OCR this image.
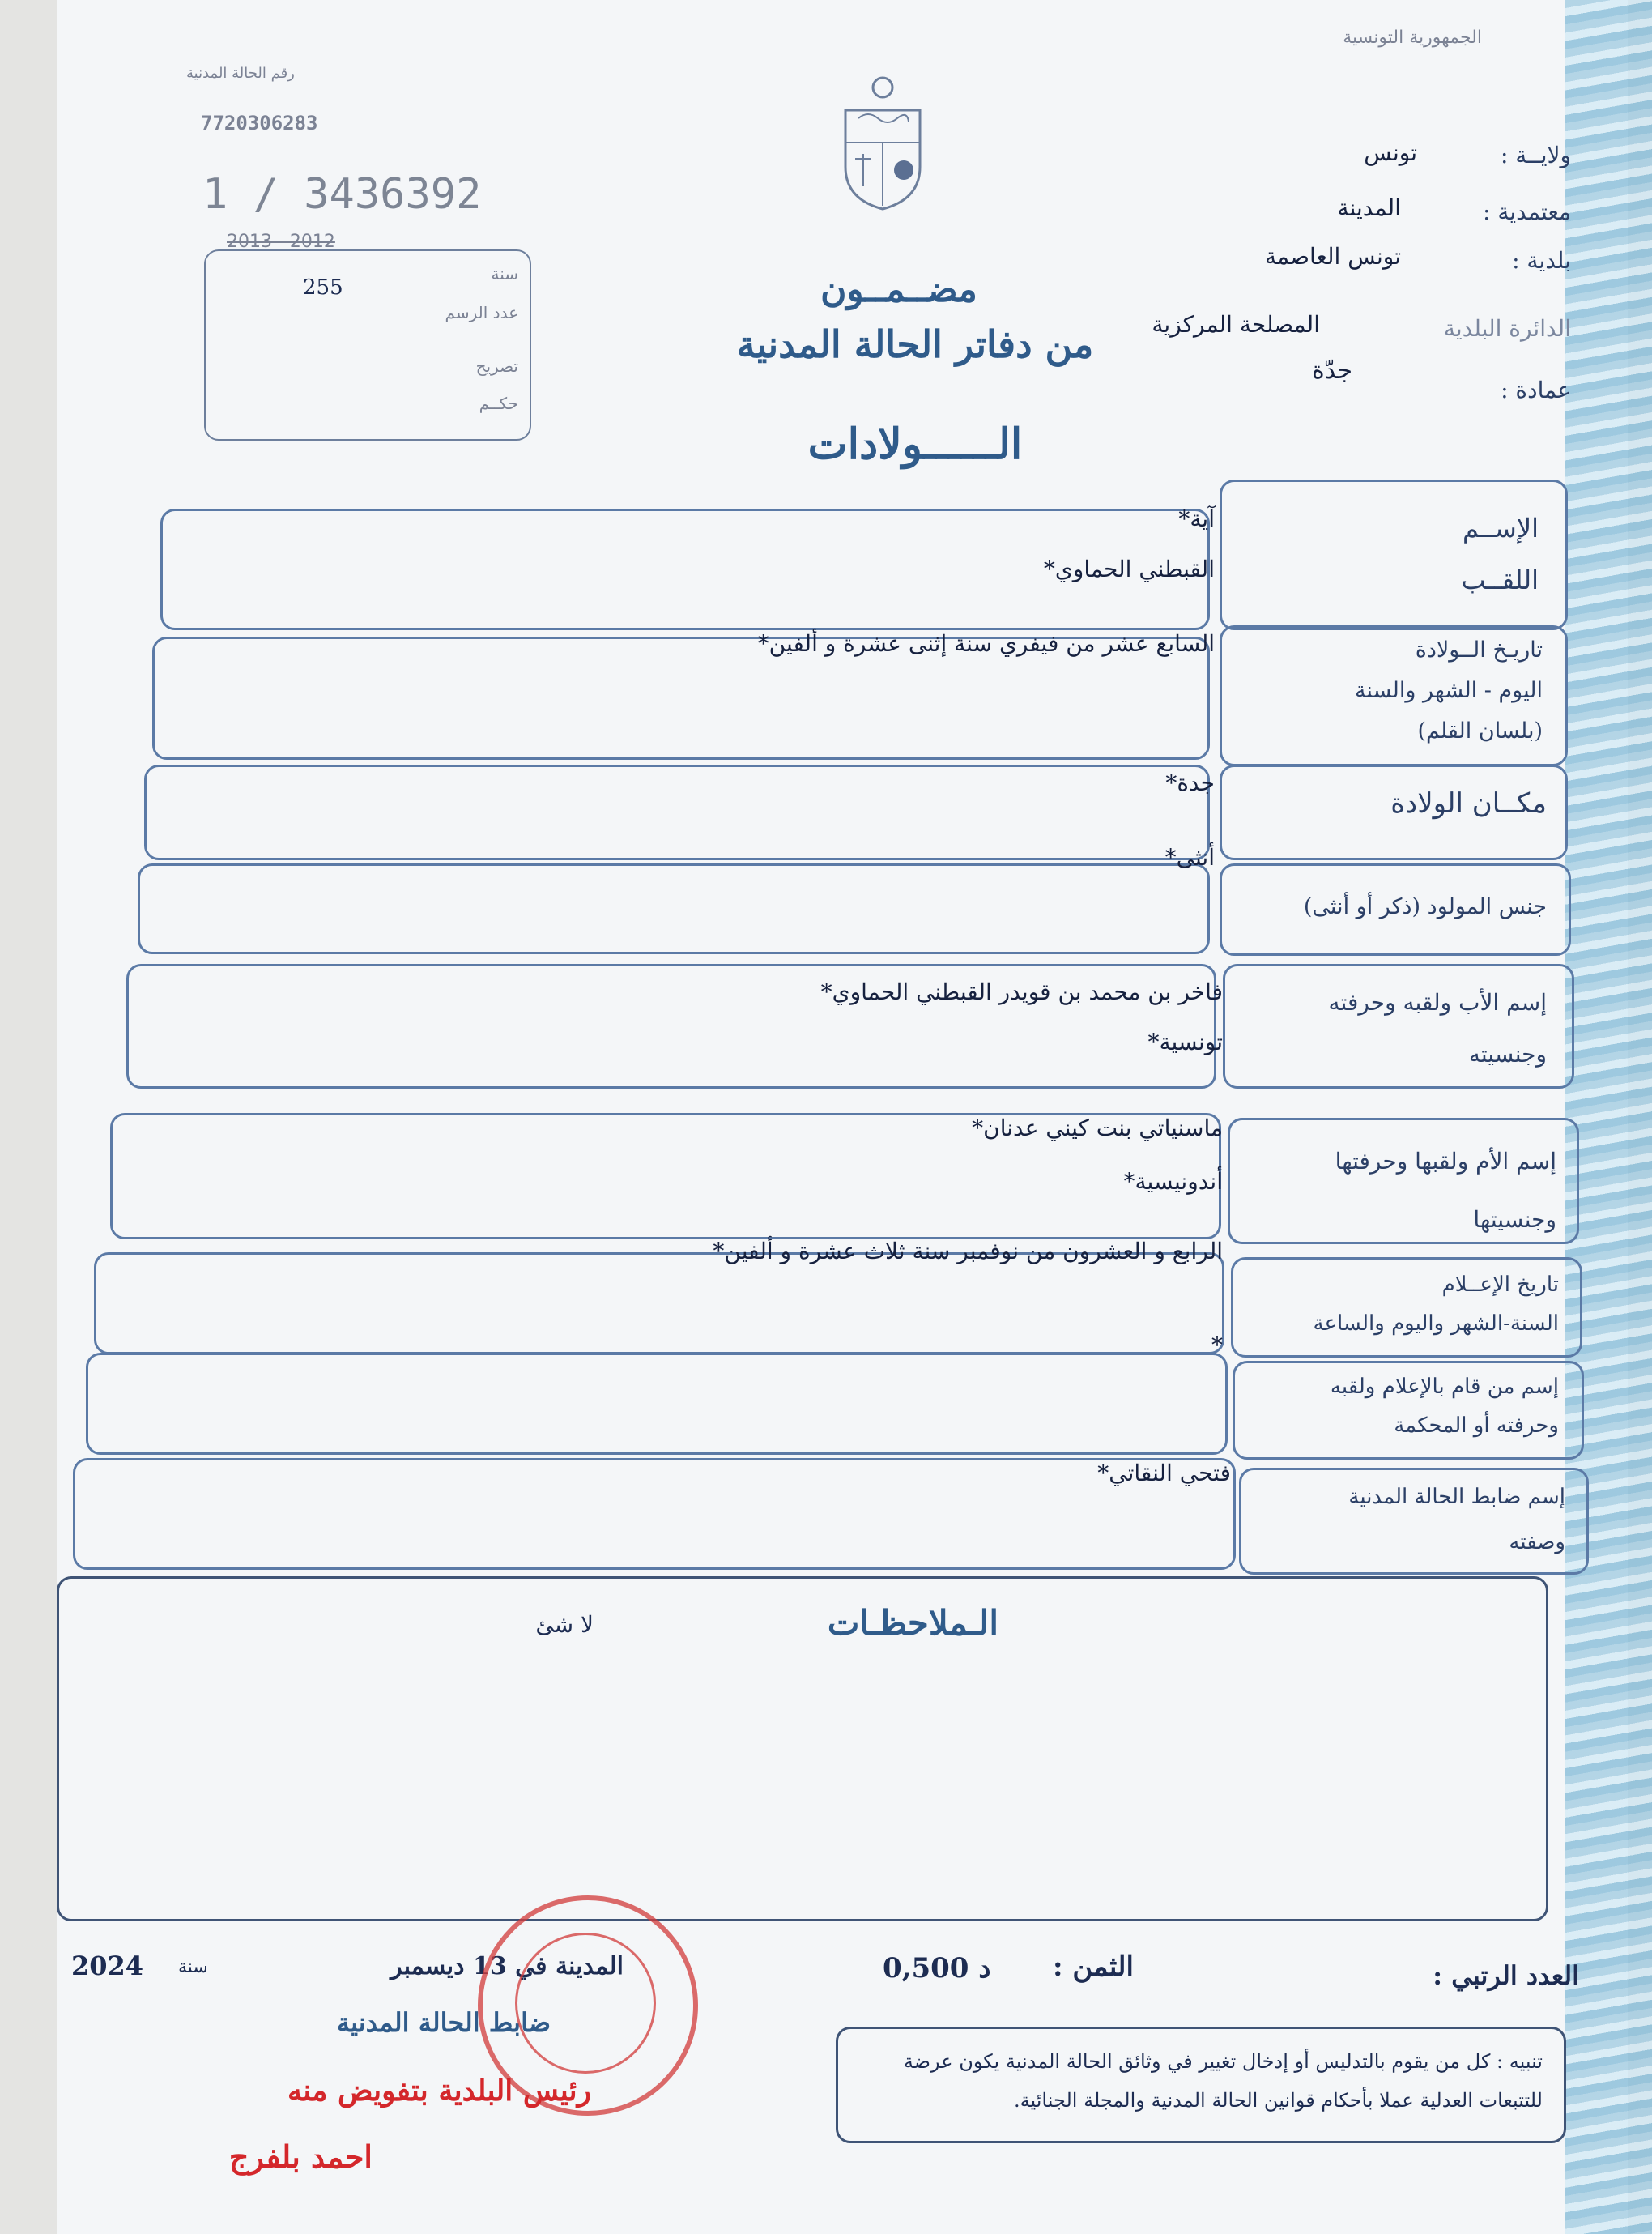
الجمهورية التونسية
رقم الحالة المدنية
7720306283
1 / 3436392
2013 - 2012
سنة
255
عدد الرسم
تصريح
حكــم
ولايــة :
تونس
معتمدية :
المدينة
بلدية :
تونس العاصمة
الدائرة البلدية
المصلحة المركزية
عمادة :
جدّة
مضــمــون
من دفاتر الحالة المدنية
الــــــولادات
الإســم
اللقــب
آية*
القبطني الحماوي*
تاريـخ الــولادة
اليوم - الشهر والسنة
(بلسان القلم)
السابع عشر من فيفري سنة إثنى عشرة و ألفين*
مكــان الولادة
جدة*
جنس المولود (ذكر أو أنثى)
أنثى*
إسم الأب ولقبه وحرفته
وجنسيته
فاخر بن محمد بن قويدر القبطني الحماوي*
تونسية*
إسم الأم ولقبها وحرفتها
وجنسيتها
ماسنياتي بنت كيني عدنان*
أندونيسية*
تاريخ الإعــلام
السنة-الشهر واليوم والساعة
الرابع و العشرون من نوفمبر سنة ثلاث عشرة و ألفين*
إسم من قام بالإعلام ولقبه
وحرفته أو المحكمة
*
إسم ضابط الحالة المدنية
وصفته
فتحي النقاتي*
الـملاحظـات
لا شئ
العدد الرتبي :
الثمن :
0,500 د
2024 سنة	المدينة في 13 ديسمبر
ضابط الحالة المدنية
رئيس البلدية بتفويض منه
احمد بلفرج
تنبيه : كل من يقوم بالتدليس أو إدخال تغيير في وثائق الحالة المدنية يكون عرضة للتتبعات العدلية عملا بأحكام قوانين الحالة المدنية والمجلة الجنائية.
